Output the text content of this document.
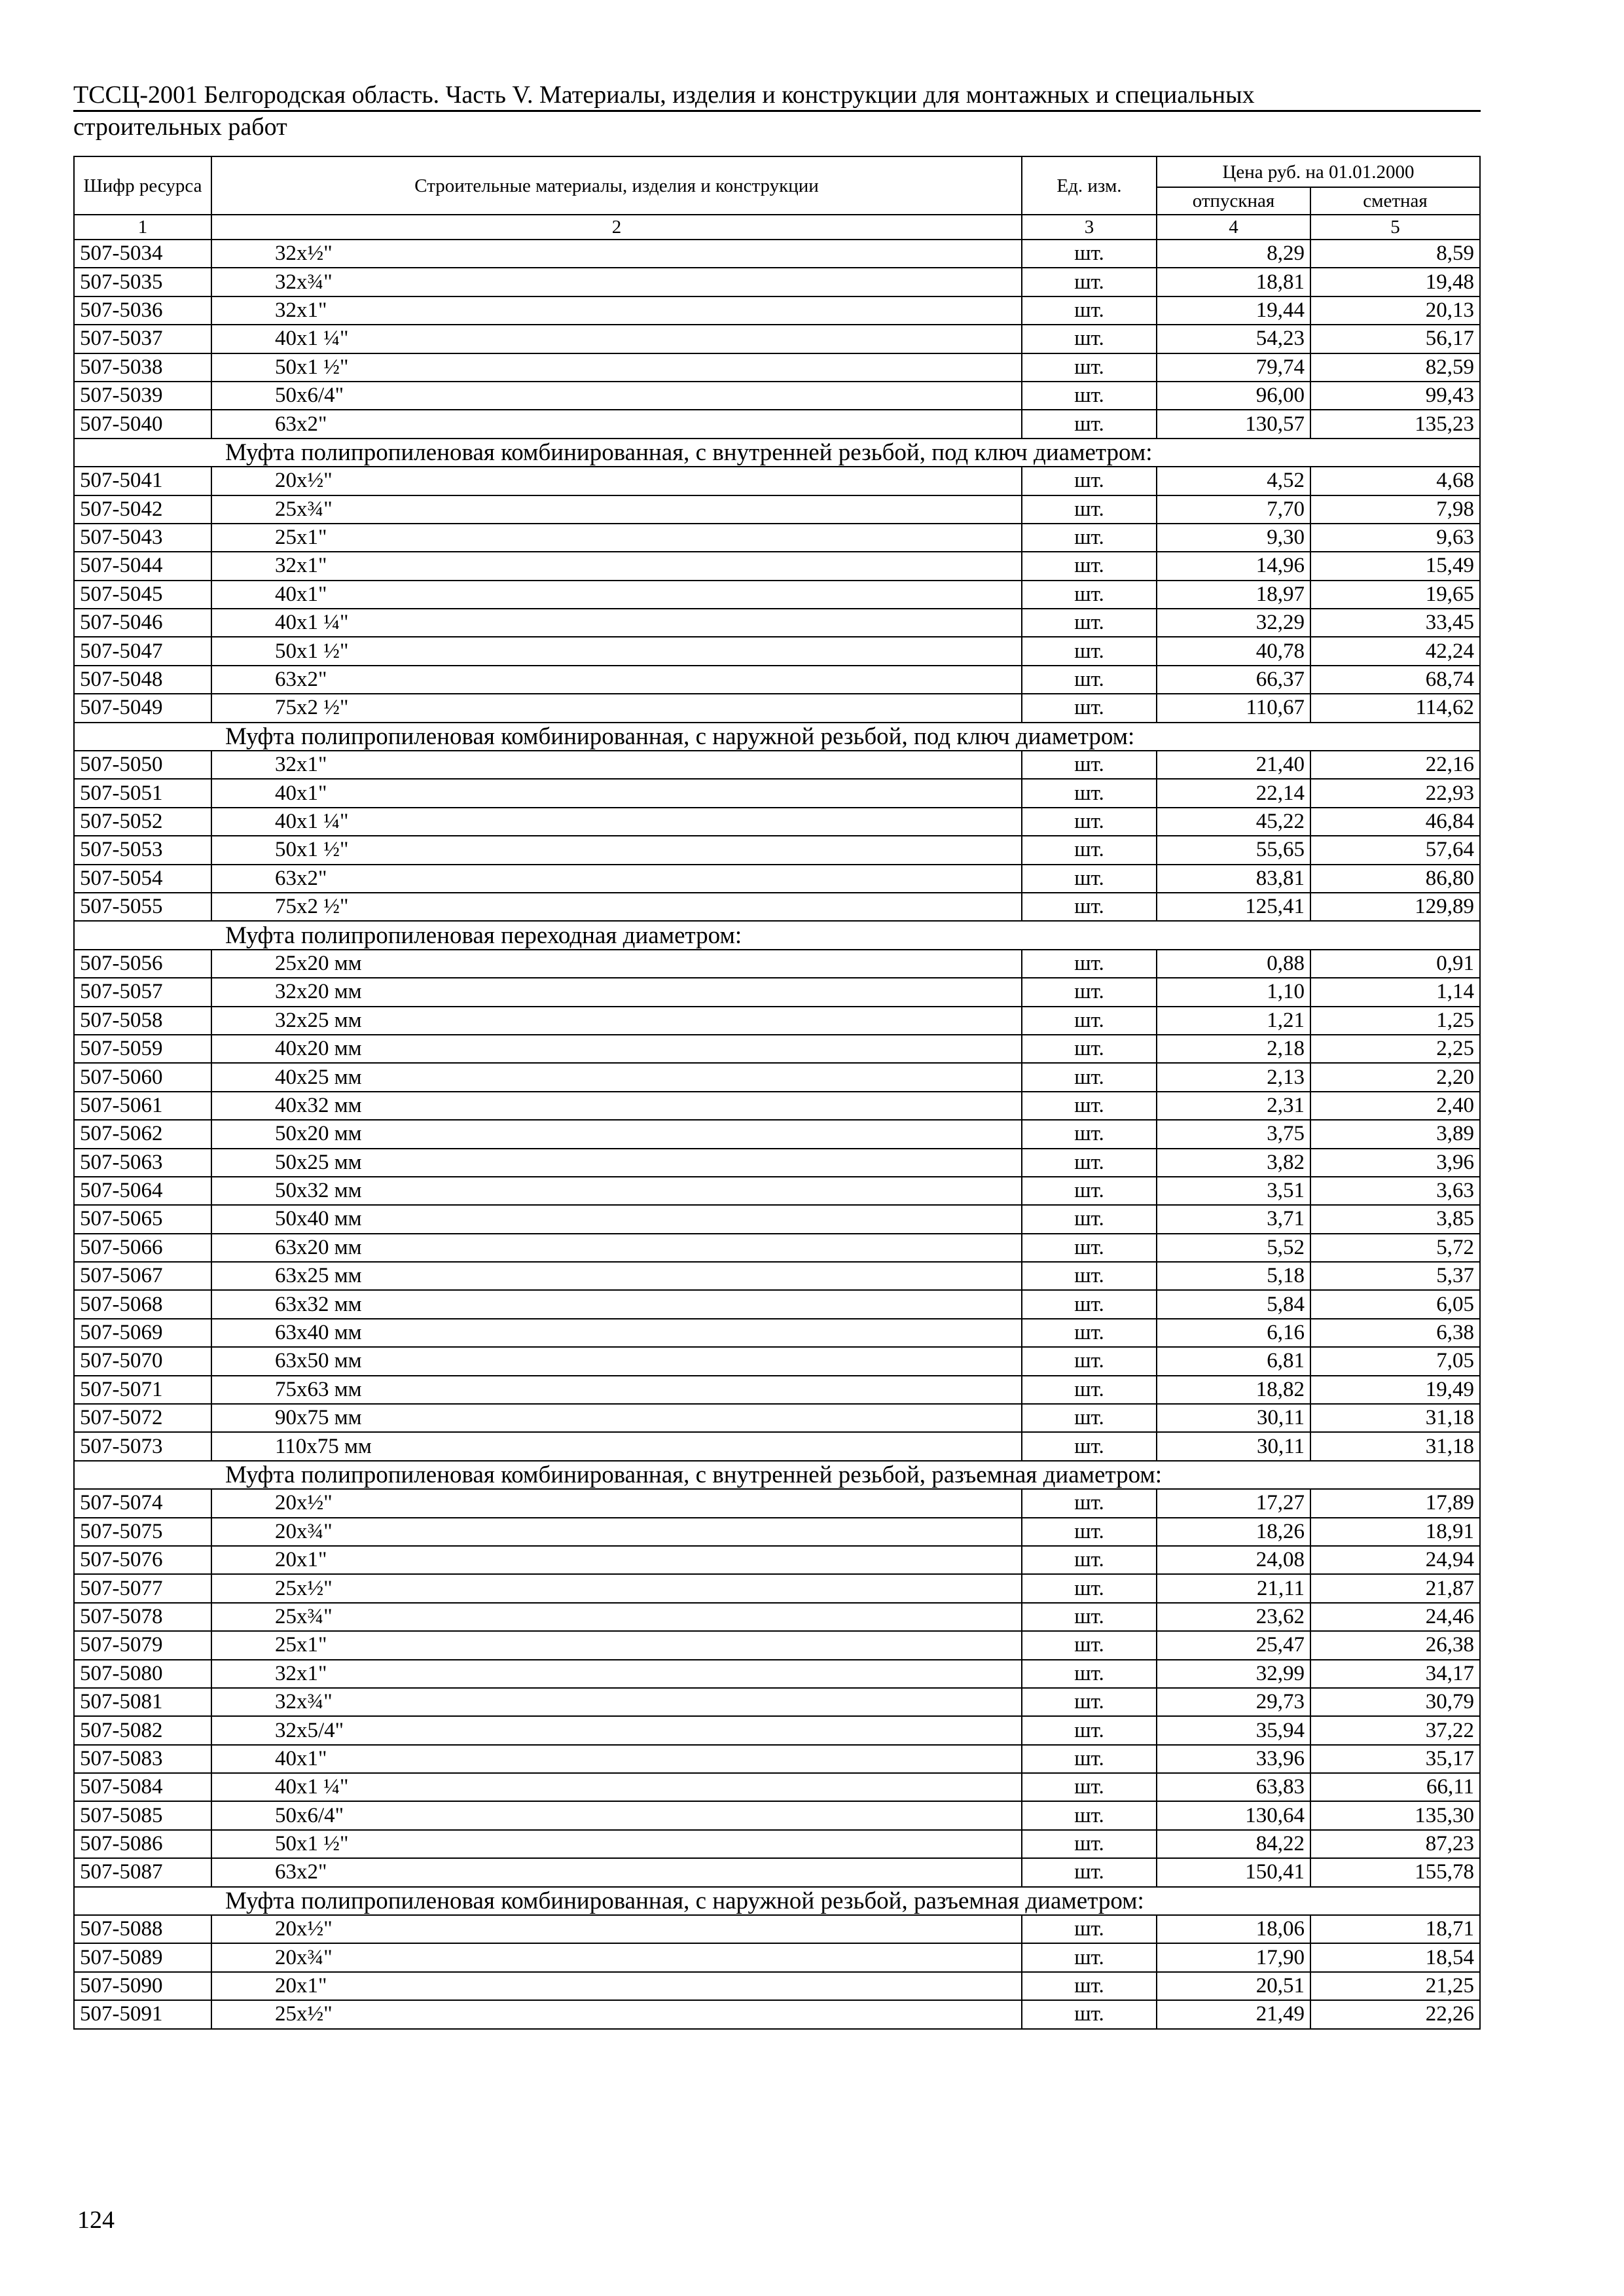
ТССЦ-2001 Белгородская область. Часть V. Материалы, изделия и конструкции для монтажных и специальных
строительных работ
Шифр ресурса	Строительные материалы, изделия и конструкции	Ед. изм.	Цена руб. на 01.01.2000	
			отпускная	сметная
1	2	3	4	5
507-5034	32х½"	шт.	8,29	8,59
507-5035	32х¾"	шт.	18,81	19,48
507-5036	32х1"	шт.	19,44	20,13
507-5037	40х1 ¼"	шт.	54,23	56,17
507-5038	50х1 ½"	шт.	79,74	82,59
507-5039	50х6/4"	шт.	96,00	99,43
507-5040	63х2"	шт.	130,57	135,23
Муфта полипропиленовая комбинированная, с внутренней резьбой, под ключ диаметром:				
507-5041	20х½"	шт.	4,52	4,68
507-5042	25х¾"	шт.	7,70	7,98
507-5043	25х1"	шт.	9,30	9,63
507-5044	32х1"	шт.	14,96	15,49
507-5045	40х1"	шт.	18,97	19,65
507-5046	40х1 ¼"	шт.	32,29	33,45
507-5047	50х1 ½"	шт.	40,78	42,24
507-5048	63х2"	шт.	66,37	68,74
507-5049	75х2 ½"	шт.	110,67	114,62
Муфта полипропиленовая комбинированная, с наружной резьбой, под ключ диаметром:				
507-5050	32х1"	шт.	21,40	22,16
507-5051	40х1"	шт.	22,14	22,93
507-5052	40х1 ¼"	шт.	45,22	46,84
507-5053	50х1 ½"	шт.	55,65	57,64
507-5054	63х2"	шт.	83,81	86,80
507-5055	75х2 ½"	шт.	125,41	129,89
Муфта полипропиленовая переходная диаметром:				
507-5056	25х20 мм	шт.	0,88	0,91
507-5057	32х20 мм	шт.	1,10	1,14
507-5058	32х25 мм	шт.	1,21	1,25
507-5059	40х20 мм	шт.	2,18	2,25
507-5060	40х25 мм	шт.	2,13	2,20
507-5061	40х32 мм	шт.	2,31	2,40
507-5062	50х20 мм	шт.	3,75	3,89
507-5063	50х25 мм	шт.	3,82	3,96
507-5064	50х32 мм	шт.	3,51	3,63
507-5065	50х40 мм	шт.	3,71	3,85
507-5066	63х20 мм	шт.	5,52	5,72
507-5067	63х25 мм	шт.	5,18	5,37
507-5068	63х32 мм	шт.	5,84	6,05
507-5069	63х40 мм	шт.	6,16	6,38
507-5070	63х50 мм	шт.	6,81	7,05
507-5071	75х63 мм	шт.	18,82	19,49
507-5072	90х75 мм	шт.	30,11	31,18
507-5073	110х75 мм	шт.	30,11	31,18
Муфта полипропиленовая комбинированная, с внутренней резьбой, разъемная диаметром:				
507-5074	20х½"	шт.	17,27	17,89
507-5075	20х¾"	шт.	18,26	18,91
507-5076	20х1"	шт.	24,08	24,94
507-5077	25х½"	шт.	21,11	21,87
507-5078	25х¾"	шт.	23,62	24,46
507-5079	25х1"	шт.	25,47	26,38
507-5080	32х1"	шт.	32,99	34,17
507-5081	32х¾"	шт.	29,73	30,79
507-5082	32х5/4"	шт.	35,94	37,22
507-5083	40х1"	шт.	33,96	35,17
507-5084	40х1 ¼"	шт.	63,83	66,11
507-5085	50х6/4"	шт.	130,64	135,30
507-5086	50х1 ½"	шт.	84,22	87,23
507-5087	63х2"	шт.	150,41	155,78
Муфта полипропиленовая комбинированная, с наружной резьбой, разъемная диаметром:				
507-5088	20х½"	шт.	18,06	18,71
507-5089	20х¾"	шт.	17,90	18,54
507-5090	20х1"	шт.	20,51	21,25
507-5091	25х½"	шт.	21,49	22,26
124
